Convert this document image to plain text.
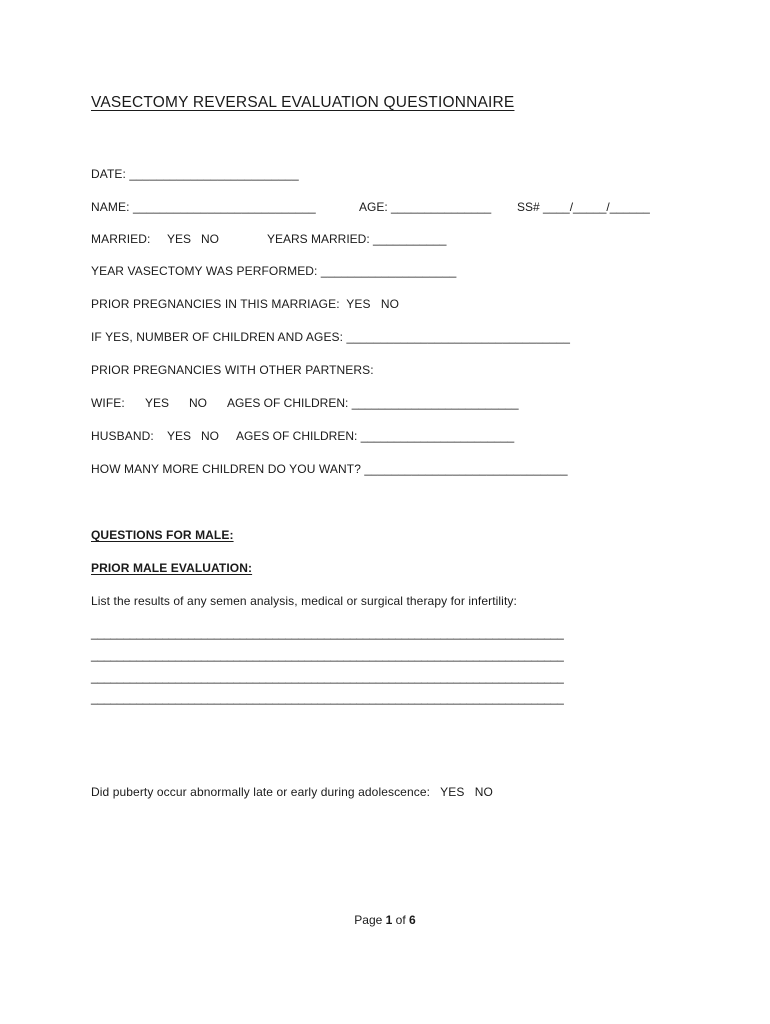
VASECTOMY REVERSAL EVALUATION QUESTIONNAIRE
DATE: _________________________
NAME: ___________________________	AGE: _______________ SS# ____/_____/______
MARRIED: YES   NO	YEARS MARRIED: ___________
YEAR VASECTOMY WAS PERFORMED: ____________________
PRIOR PREGNANCIES IN THIS MARRIAGE:  YES   NO
IF YES, NUMBER OF CHILDREN AND AGES: _________________________________
PRIOR PREGNANCIES WITH OTHER PARTNERS:
WIFE: YES      NO AGES OF CHILDREN: _________________________
HUSBAND: YES   NO AGES OF CHILDREN: _______________________
HOW MANY MORE CHILDREN DO YOU WANT? ______________________________
QUESTIONS FOR MALE:
PRIOR MALE EVALUATION:
List the results of any semen analysis, medical or surgical therapy for infertility:
_________________________________________________________________________
_________________________________________________________________________
_________________________________________________________________________
_________________________________________________________________________
Did puberty occur abnormally late or early during adolescence:   YES   NO
Page 1 of 6
